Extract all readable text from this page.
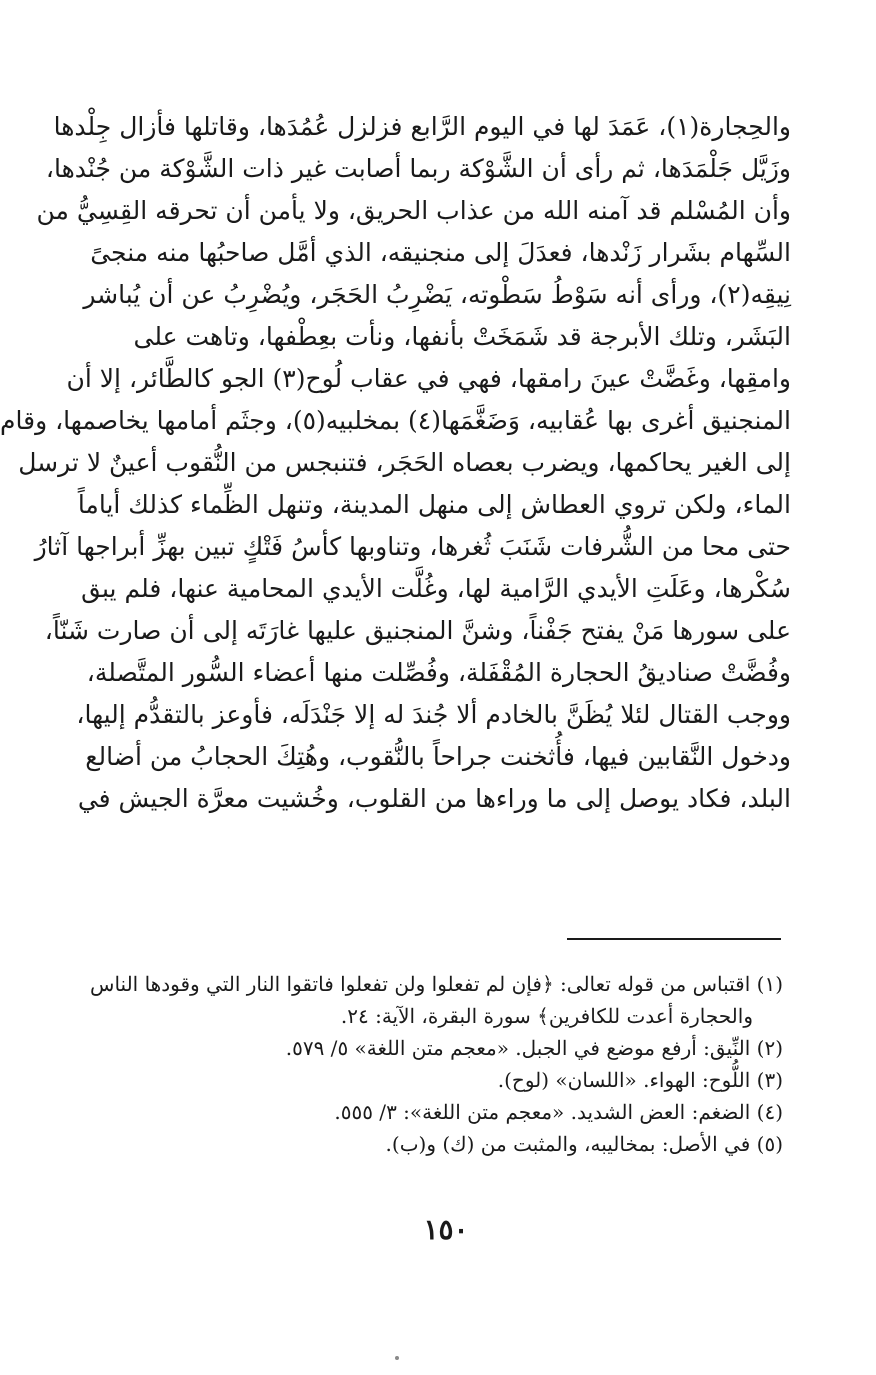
والحِجارة(١)، عَمَدَ لها في اليوم الرَّابع فزلزل عُمُدَها، وقاتلها فأزال جِلْدها
وزَيَّل جَلْمَدَها، ثم رأى أن الشَّوْكة ربما أصابت غير ذات الشَّوْكة من جُنْدها،
وأن المُسْلم قد آمنه الله من عذاب الحريق، ولا يأمن أن تحرقه القِسِيُّ من
السِّهام بشَرار زَنْدها، فعدَلَ إلى منجنيقه، الذي أمَّل صاحبُها منه منجىً
نِيقِه(٢)، ورأى أنه سَوْطُ سَطْوته، يَضْرِبُ الحَجَر، ويُضْرِبُ عن أن يُباشر
البَشَر، وتلك الأبرجة قد شَمَخَتْ بأنفها، ونأت بعِطْفها، وتاهت على
وامقِها، وغَضَّتْ عينَ رامقها، فهي في عقاب لُوح(٣) الجو كالطَّائر، إلا أن
المنجنيق أغرى بها عُقابيه، وَضَغَّمَها(٤) بمخلبيه(٥)، وجثَم أمامها يخاصمها، وقام
إلى الغير يحاكمها، ويضرب بعصاه الحَجَر، فتنبجس من النُّقوب أعينٌ لا ترسل
الماء، ولكن تروي العطاش إلى منهل المدينة، وتنهل الظِّماء كذلك أياماً
حتى محا من الشُّرفات شَنَبَ ثُغرها، وتناوبها كأسُ فَتْكٍ تبين بهزِّ أبراجها آثارُ
سُكْرها، وعَلَتِ الأيدي الرَّامية لها، وغُلَّت الأيدي المحامية عنها، فلم يبق
على سورها مَنْ يفتح جَفْناً، وشنَّ المنجنيق عليها غارَتَه إلى أن صارت شَنّاً،
وفُضَّتْ صناديقُ الحجارة المُقْفَلة، وفُصِّلت منها أعضاء السُّور المتَّصلة،
ووجب القتال لئلا يُظَنَّ بالخادم ألا جُندَ له إلا جَنْدَلَه، فأوعز بالتقدُّم إليها،
ودخول النَّقابين فيها، فأُثخنت جراحاً بالنُّقوب، وهُتِكَ الحجابُ من أضالع
البلد، فكاد يوصل إلى ما وراءها من القلوب، وخُشيت معرَّة الجيش في
(١) اقتباس من قوله تعالى: ﴿فإن لم تفعلوا ولن تفعلوا فاتقوا النار التي وقودها الناس
والحجارة أعدت للكافرين﴾ سورة البقرة، الآية: ٢٤.
(٢) النِّيق: أرفع موضع في الجبل. «معجم متن اللغة» ٥/ ٥٧٩.
(٣) اللُّوح: الهواء. «اللسان» (لوح).
(٤) الضغم: العض الشديد. «معجم متن اللغة»: ٣/ ٥٥٥.
(٥) في الأصل: بمخاليبه، والمثبت من (ك) و(ب).
١٥٠
